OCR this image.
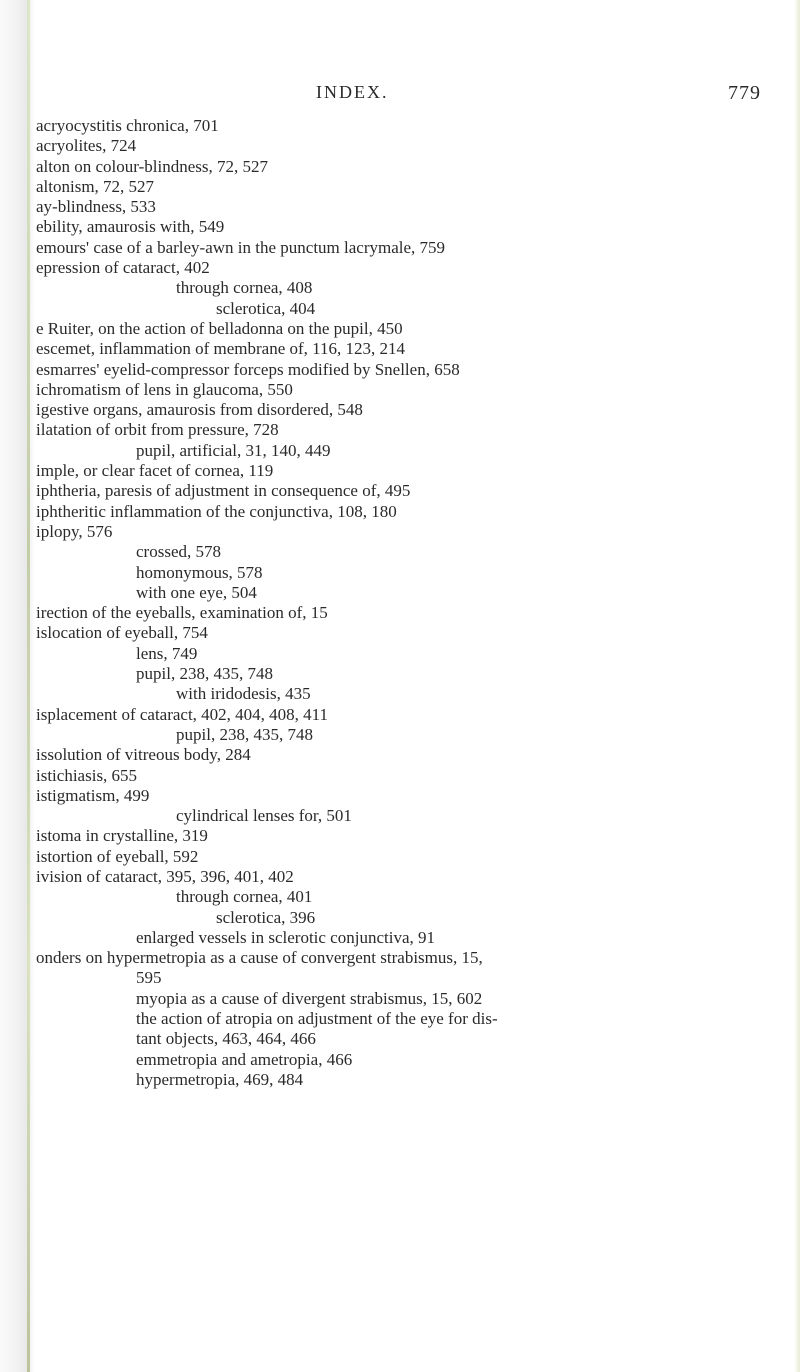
INDEX.	779
acryocystitis chronica, 701
acryolites, 724
alton on colour-blindness, 72, 527
altonism, 72, 527
ay-blindness, 533
ebility, amaurosis with, 549
emours' case of a barley-awn in the punctum lacrymale, 759
epression of cataract, 402
through cornea, 408
sclerotica, 404
e Ruiter, on the action of belladonna on the pupil, 450
escemet, inflammation of membrane of, 116, 123, 214
esmarres' eyelid-compressor forceps modified by Snellen, 658
ichromatism of lens in glaucoma, 550
igestive organs, amaurosis from disordered, 548
ilatation of orbit from pressure, 728
pupil, artificial, 31, 140, 449
imple, or clear facet of cornea, 119
iphtheria, paresis of adjustment in consequence of, 495
iphtheritic inflammation of the conjunctiva, 108, 180
iplopy, 576
crossed, 578
homonymous, 578
with one eye, 504
irection of the eyeballs, examination of, 15
islocation of eyeball, 754
lens, 749
pupil, 238, 435, 748
with iridodesis, 435
isplacement of cataract, 402, 404, 408, 411
pupil, 238, 435, 748
issolution of vitreous body, 284
istichiasis, 655
istigmatism, 499
cylindrical lenses for, 501
istoma in crystalline, 319
istortion of eyeball, 592
ivision of cataract, 395, 396, 401, 402
through cornea, 401
sclerotica, 396
enlarged vessels in sclerotic conjunctiva, 91
onders on hypermetropia as a cause of convergent strabismus, 15,
595
myopia as a cause of divergent strabismus, 15, 602
the action of atropia on adjustment of the eye for dis-
tant objects, 463, 464, 466
emmetropia and ametropia, 466
hypermetropia, 469, 484
